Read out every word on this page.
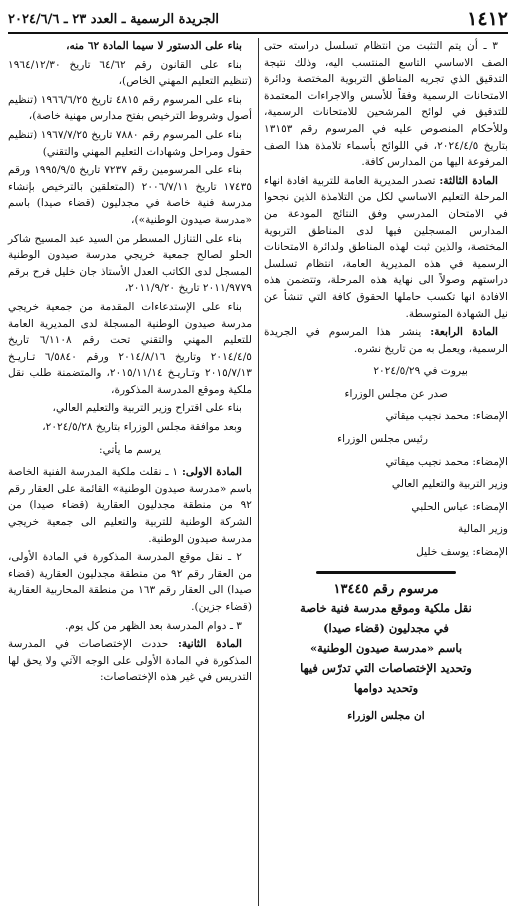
١٤١٢
الجريدة الرسمية ـ العدد ٢٣ ـ ٢٠٢٤/٦/٦

٣ ـ أن يتم التثبت من انتظام تسلسل دراسته حتى الصف الاساسي التاسع المنتسب اليه، وذلك نتيجة التدقيق الذي تجريه المناطق التربوية المختصة ودائرة الامتحانات الرسمية وفقاً للأسس والاجراءات المعتمدة للتدقيق في لوائح المرشحين للامتحانات الرسمية، وللأحكام المنصوص عليه في المرسوم رقم ١٣١٥٣ بتاريخ ٢٠٢٤/٤/٥، في اللوائح بأسماء تلامذة هذا الصف المرفوعة اليها من المدارس كافة.

المادة الثالثة: تصدر المديرية العامة للتربية افادة انهاء المرحلة التعليم الاساسي لكل من التلامذة الذين نجحوا في الامتحان المدرسي وفق النتائج المودعة من المدارس المسجلين فيها لدى المناطق التربوية المختصة، والذين ثبت لهذه المناطق ولدائرة الامتحانات الرسمية في هذه المديرية العامة، انتظام تسلسل دراستهم وصولاً الى نهاية هذه المرحلة، وتتضمن هذه الافادة انها تكسب حاملها الحقوق كافة التي تنشأ عن نيل الشهادة المتوسطة.

المادة الرابعة: ينشر هذا المرسوم في الجريدة الرسمية، ويعمل به من تاريخ نشره.

بيروت في ٢٠٢٤/٥/٢٩

صدر عن مجلس الوزراء

الإمضاء: محمد نجيب ميقاتي

رئيس مجلس الوزراء

الإمضاء: محمد نجيب ميقاتي

وزير التربية والتعليم العالي

الإمضاء: عباس الحلبي

وزير المالية

الإمضاء: يوسف خليل

مرسوم رقم ١٣٤٤٥

نقل ملكية وموقع مدرسة فنية خاصة

في مجدليون (قضاء صيدا)

باسم «مدرسة صيدون الوطنية»

وتحديد الإختصاصات التي تدرّس فيها

وتحديد دوامها

ان مجلس الوزراء

بناء على الدستور لا سيما المادة ٦٢ منه،

بناء على القانون رقم ٦٤/٦٢ تاريخ ١٩٦٤/١٢/٣٠ (تنظيم التعليم المهني الخاص)،

بناء على المرسوم رقم ٤٨١٥ تاريخ ١٩٦٦/٦/٢٥ (تنظيم أصول وشروط الترخيص بفتح مدارس مهنية خاصة)،

بناء على المرسوم رقم ٧٨٨٠ تاريخ ١٩٦٧/٧/٢٥ (تنظيم حقول ومراحل وشهادات التعليم المهني والتقني)

بناء على المرسومين رقم ٧٢٣٧ تاريخ ١٩٩٥/٩/٥ ورقم ١٧٤٣٥ تاريخ ٢٠٠٦/٧/١١ (المتعلقين بالترخيص بإنشاء مدرسة فنية خاصة في مجدليون (قضاء صيدا) باسم «مدرسة صيدون الوطنية»)،

بناء على التنازل المسطر من السيد عبد المسيح شاكر الحلو لصالح جمعية خريجي مدرسة صيدون الوطنية المسجل لدى الكاتب العدل الأستاذ جان خليل فرح برقم ٢٠١١/٩٧٧٩ تاريخ ٢٠١١/٩/٢٠،

بناء على الإستدعاءات المقدمة من جمعية خريجي مدرسة صيدون الوطنية المسجلة لدى المديرية العامة للتعليم المهني والتقني تحت رقم ٦/١١٠٨ تاريخ ٢٠١٤/٤/٥ وتاريخ ٢٠١٤/٨/١٦ ورقم ٦/٥٨٤٠ تـاريـخ ٢٠١٥/٧/١٣ وتـاريـخ ٢٠١٥/١١/١٤، والمتضمنة طلب نقل ملكية وموقع المدرسة المذكورة،

بناء على اقتراح وزير التربية والتعليم العالي،

وبعد موافقة مجلس الوزراء بتاريخ ٢٠٢٤/٥/٢٨،

يرسم ما يأتي:

المادة الاولى: ١ ـ نقلت ملكية المدرسة الفنية الخاصة باسم «مدرسة صيدون الوطنية» القائمة على العقار رقم ٩٢ من منطقة مجدليون العقارية (قضاء صيدا) من الشركة الوطنية للتربية والتعليم الى جمعية خريجي مدرسة صيدون الوطنية.

٢ ـ نقل موقع المدرسة المذكورة في المادة الأولى، من العقار رقم ٩٢ من منطقة مجدليون العقارية (قضاء صيدا) الى العقار رقم ١٦٣ من منطقة المحاربية العقارية (قضاء جزين).

٣ ـ دوام المدرسة بعد الظهر من كل يوم.

المادة الثانية: حددت الإختصاصات في المدرسة المذكورة في المادة الأولى على الوجه الآتي ولا يحق لها التدريس في غير هذه الإختصاصات:
